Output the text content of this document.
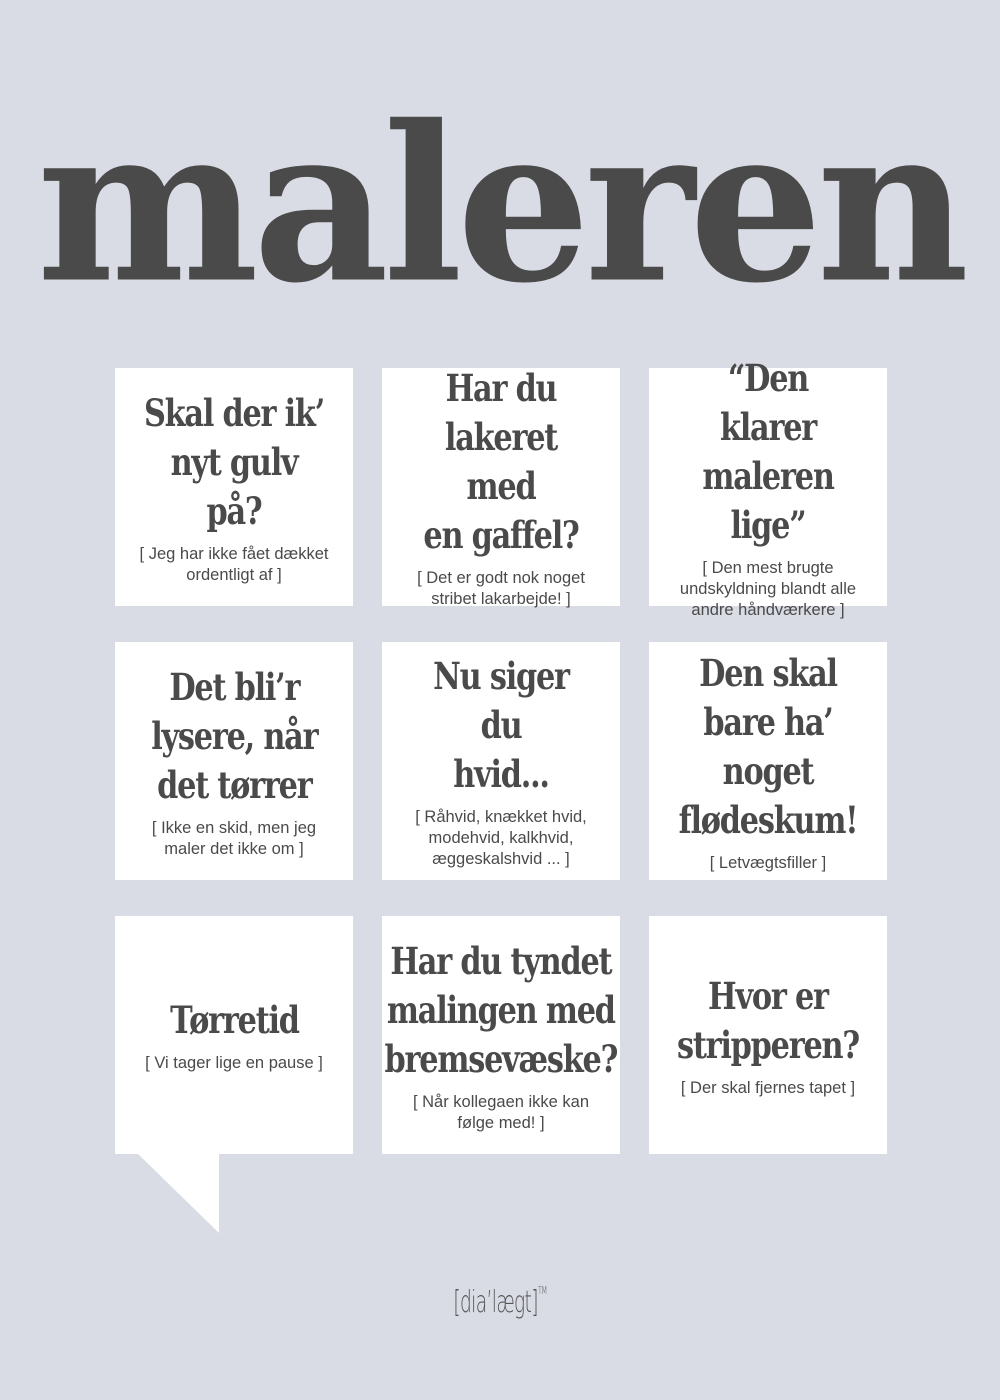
maleren
Skal der ik’
nyt gulv på?
[ Jeg har ikke fået dækket
ordentligt af ]
Har du
lakeret med
en gaffel?
[ Det er godt nok noget
stribet lakarbejde! ]
“Den klarer
maleren lige”
[ Den mest brugte
undskyldning blandt alle
andre håndværkere ]
Det bli’r
lysere, når
det tørrer
[ Ikke en skid, men jeg
maler det ikke om ]
Nu siger du
hvid...
[ Råhvid, knækket hvid,
modehvid, kalkhvid,
æggeskalshvid ... ]
Den skal
bare ha’ noget
flødeskum!
[ Letvægtsfiller ]
Tørretid
[ Vi tager lige en pause ]
Har du tyndet
malingen med
bremsevæske?
[ Når kollegaen ikke kan
følge med! ]
Hvor er
stripperen?
[ Der skal fjernes tapet ]
[dia’lægt]™
